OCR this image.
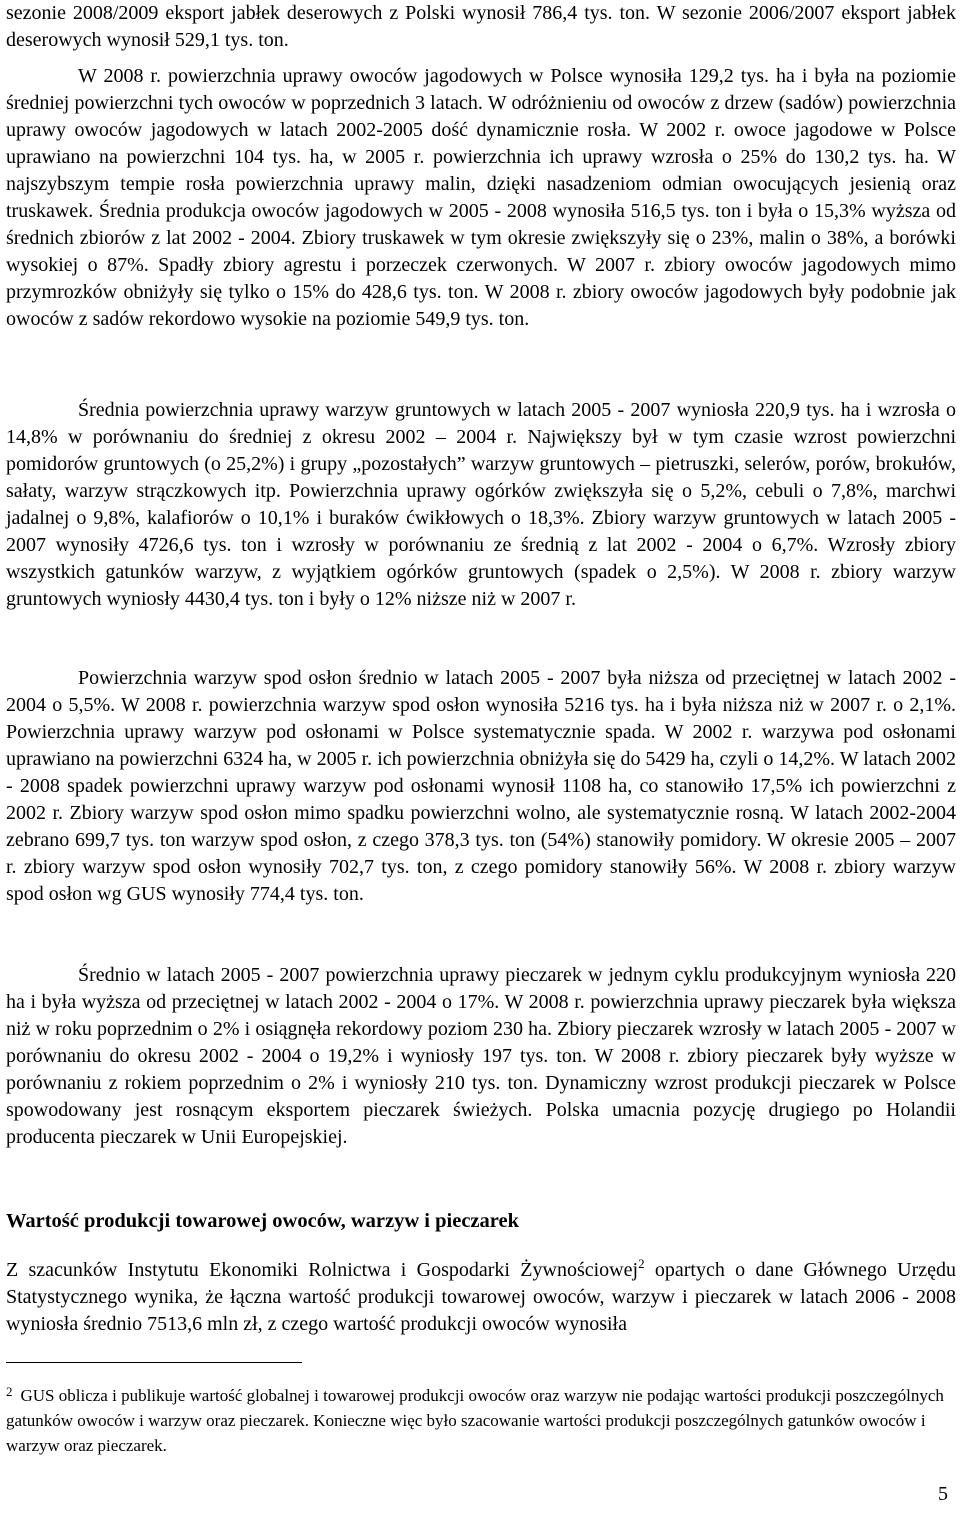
sezonie 2008/2009 eksport jabłek deserowych z Polski wynosił 786,4 tys. ton. W sezonie 2006/2007 eksport jabłek deserowych wynosił 529,1 tys. ton.

W 2008 r. powierzchnia uprawy owoców jagodowych w Polsce wynosiła 129,2 tys. ha i była na poziomie średniej powierzchni tych owoców w poprzednich 3 latach. W odróżnieniu od owoców z drzew (sadów) powierzchnia uprawy owoców jagodowych w latach 2002-2005 dość dynamicznie rosła. W 2002 r. owoce jagodowe w Polsce uprawiano na powierzchni 104 tys. ha, w 2005 r. powierzchnia ich uprawy wzrosła o 25% do 130,2 tys. ha. W najszybszym tempie rosła powierzchnia uprawy malin, dzięki nasadzeniom odmian owocujących jesienią oraz truskawek. Średnia produkcja owoców jagodowych w 2005 - 2008 wynosiła 516,5 tys. ton i była o 15,3% wyższa od średnich zbiorów z lat 2002 - 2004. Zbiory truskawek w tym okresie zwiększyły się o 23%, malin o 38%, a borówki wysokiej o 87%. Spadły zbiory agrestu i porzeczek czerwonych. W 2007 r. zbiory owoców jagodowych mimo przymrozków obniżyły się tylko o 15% do 428,6 tys. ton. W 2008 r. zbiory owoców jagodowych były podobnie jak owoców z sadów rekordowo wysokie na poziomie 549,9 tys. ton.

Średnia powierzchnia uprawy warzyw gruntowych w latach 2005 - 2007 wyniosła 220,9 tys. ha i wzrosła o 14,8% w porównaniu do średniej z okresu 2002 – 2004 r. Największy był w tym czasie wzrost powierzchni pomidorów gruntowych (o 25,2%) i grupy „pozostałych” warzyw gruntowych – pietruszki, selerów, porów, brokułów, sałaty, warzyw strączkowych itp. Powierzchnia uprawy ogórków zwiększyła się o 5,2%, cebuli o 7,8%, marchwi jadalnej o 9,8%, kalafiorów o 10,1% i buraków ćwikłowych o 18,3%. Zbiory warzyw gruntowych w latach 2005 - 2007 wynosiły 4726,6 tys. ton i wzrosły w porównaniu ze średnią z lat 2002 - 2004 o 6,7%. Wzrosły zbiory wszystkich gatunków warzyw, z wyjątkiem ogórków gruntowych (spadek o 2,5%). W 2008 r. zbiory warzyw gruntowych wyniosły 4430,4 tys. ton i były o 12% niższe niż w 2007 r.

Powierzchnia warzyw spod osłon średnio w latach 2005 - 2007 była niższa od przeciętnej w latach 2002 - 2004 o 5,5%. W 2008 r. powierzchnia warzyw spod osłon wynosiła 5216 tys. ha i była niższa niż w 2007 r. o 2,1%. Powierzchnia uprawy warzyw pod osłonami w Polsce systematycznie spada. W 2002 r. warzywa pod osłonami uprawiano na powierzchni 6324 ha, w 2005 r. ich powierzchnia obniżyła się do 5429 ha, czyli o 14,2%. W latach 2002 - 2008 spadek powierzchni uprawy warzyw pod osłonami wynosił 1108 ha, co stanowiło 17,5% ich powierzchni z 2002 r. Zbiory warzyw spod osłon mimo spadku powierzchni wolno, ale systematycznie rosną. W latach 2002-2004 zebrano 699,7 tys. ton warzyw spod osłon, z czego 378,3 tys. ton (54%) stanowiły pomidory. W okresie 2005 – 2007 r. zbiory warzyw spod osłon wynosiły 702,7 tys. ton, z czego pomidory stanowiły 56%. W 2008 r. zbiory warzyw spod osłon wg GUS wynosiły 774,4 tys. ton.

Średnio w latach 2005 - 2007 powierzchnia uprawy pieczarek w jednym cyklu produkcyjnym wyniosła 220 ha i była wyższa od przeciętnej w latach 2002 - 2004 o 17%. W 2008 r. powierzchnia uprawy pieczarek była większa niż w roku poprzednim o 2% i osiągnęła rekordowy poziom 230 ha. Zbiory pieczarek wzrosły w latach 2005 - 2007 w porównaniu do okresu 2002 - 2004 o 19,2% i wyniosły 197 tys. ton. W 2008 r. zbiory pieczarek były wyższe w porównaniu z rokiem poprzednim o 2% i wyniosły 210 tys. ton. Dynamiczny wzrost produkcji pieczarek w Polsce spowodowany jest rosnącym eksportem pieczarek świeżych. Polska umacnia pozycję drugiego po Holandii producenta pieczarek w Unii Europejskiej.

Wartość produkcji towarowej owoców, warzyw i pieczarek

Z szacunków Instytutu Ekonomiki Rolnictwa i Gospodarki Żywnościowej$^2$ opartych o dane Głównego Urzędu Statystycznego wynika, że łączna wartość produkcji towarowej owoców, warzyw i pieczarek w latach 2006 - 2008 wyniosła średnio 7513,6 mln zł, z czego wartość produkcji owoców wynosiła

$^2$ GUS oblicza i publikuje wartość globalnej i towarowej produkcji owoców oraz warzyw nie podając wartości produkcji poszczególnych gatunków owoców i warzyw oraz pieczarek. Konieczne więc było szacowanie wartości produkcji poszczególnych gatunków owoców i warzyw oraz pieczarek.

5
